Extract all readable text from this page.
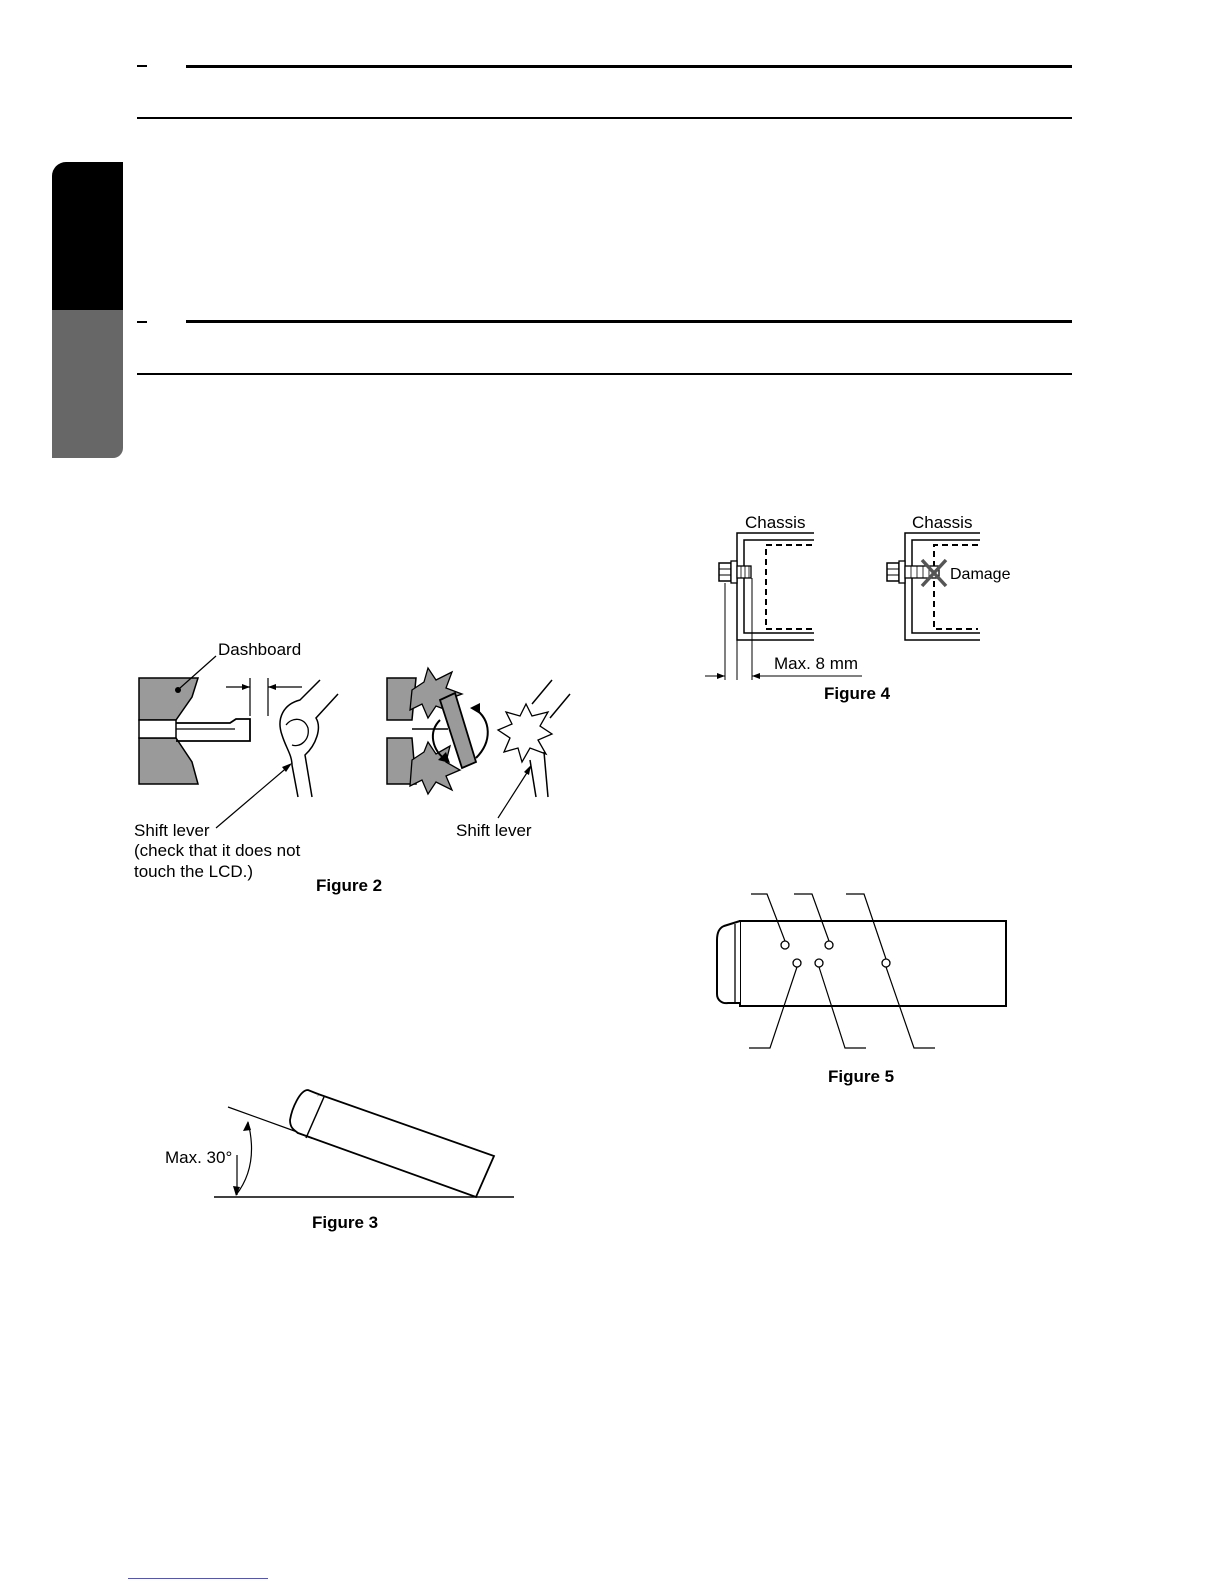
Dashboard
Shift lever
(check that it does not
touch the LCD.)
Shift lever
Figure 2
Max. 30°
Figure 3
Chassis	Chassis
Damage
Max. 8 mm
Figure 4
Figure 5
